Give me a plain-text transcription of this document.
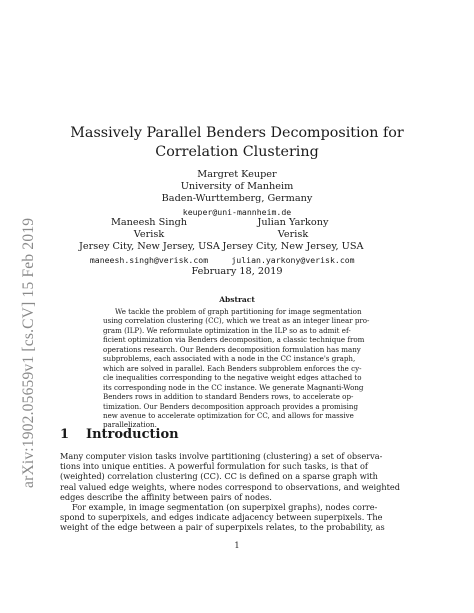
arXiv:1902.05659v1 [cs.CV] 15 Feb 2019
Massively Parallel Benders Decomposition for
Correlation Clustering
Margret Keuper
University of Manheim
Baden-Wurttemberg, Germany
keuper@uni-mannheim.de
Maneesh Singh
Verisk
Jersey City, New Jersey, USA
maneesh.singh@verisk.com
Julian Yarkony
Verisk
Jersey City, New Jersey, USA
julian.yarkony@verisk.com
February 18, 2019
Abstract
We tackle the problem of graph partitioning for image segmentation
using correlation clustering (CC), which we treat as an integer linear pro-
gram (ILP). We reformulate optimization in the ILP so as to admit ef-
ficient optimization via Benders decomposition, a classic technique from
operations research. Our Benders decomposition formulation has many
subproblems, each associated with a node in the CC instance's graph,
which are solved in parallel. Each Benders subproblem enforces the cy-
cle inequalities corresponding to the negative weight edges attached to
its corresponding node in the CC instance. We generate Magnanti-Wong
Benders rows in addition to standard Benders rows, to accelerate op-
timization. Our Benders decomposition approach provides a promising
new avenue to accelerate optimization for CC, and allows for massive
parallelization.
1 Introduction
Many computer vision tasks involve partitioning (clustering) a set of observa-
tions into unique entities. A powerful formulation for such tasks, is that of
(weighted) correlation clustering (CC). CC is defined on a sparse graph with
real valued edge weights, where nodes correspond to observations, and weighted
edges describe the affinity between pairs of nodes.
For example, in image segmentation (on superpixel graphs), nodes corre-
spond to superpixels, and edges indicate adjacency between superpixels. The
weight of the edge between a pair of superpixels relates, to the probability, as
1
